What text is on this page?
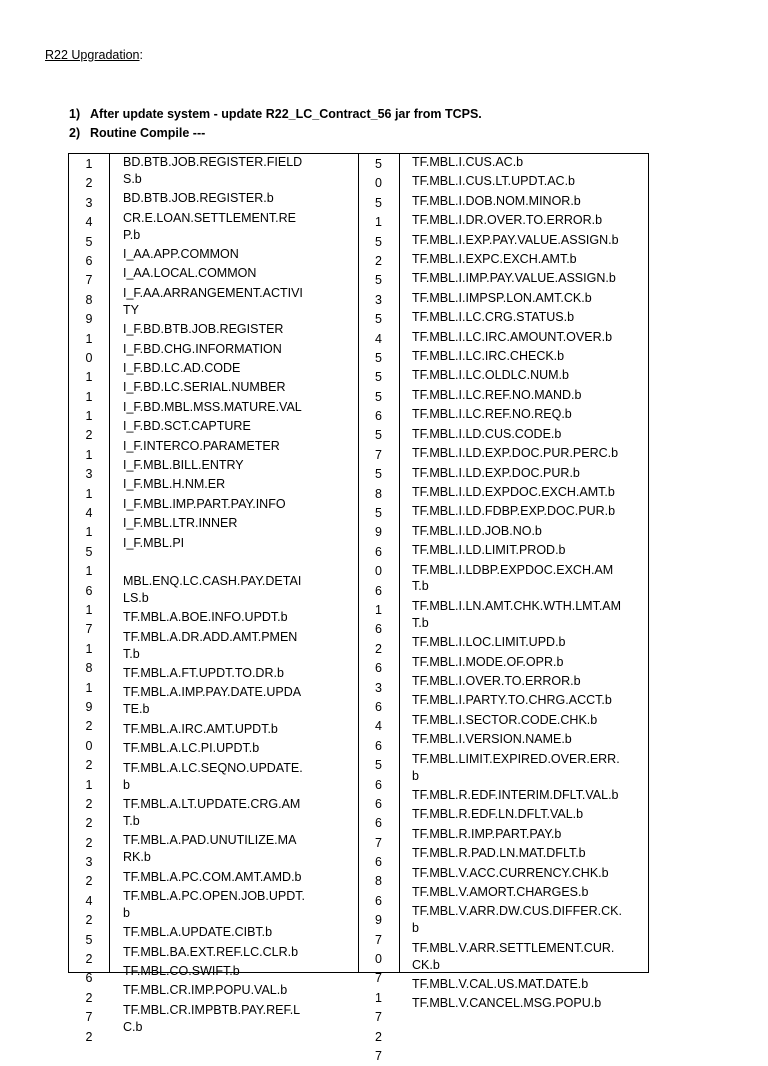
R22 Upgradation:
1) After update system - update R22_LC_Contract_56 jar from TCPS.
2) Routine Compile ---
1
2
3
4
5
6
7
8
9
1
0
1
1
1
2
1
3
1
4
1
5
1
6
1
7
1
8
1
9
2
0
2
1
2
2
2
3
2
4
2
5
2
6
2
7
2
BD.BTB.JOB.REGISTER.FIELDS.b
BD.BTB.JOB.REGISTER.b
CR.E.LOAN.SETTLEMENT.REP.b
I_AA.APP.COMMON
I_AA.LOCAL.COMMON
I_F.AA.ARRANGEMENT.ACTIVITY
I_F.BD.BTB.JOB.REGISTER
I_F.BD.CHG.INFORMATION
I_F.BD.LC.AD.CODE
I_F.BD.LC.SERIAL.NUMBER
I_F.BD.MBL.MSS.MATURE.VAL
I_F.BD.SCT.CAPTURE
I_F.INTERCO.PARAMETER
I_F.MBL.BILL.ENTRY
I_F.MBL.H.NM.ER
I_F.MBL.IMP.PART.PAY.INFO
I_F.MBL.LTR.INNER
I_F.MBL.PI
MBL.ENQ.LC.CASH.PAY.DETAILS.b
TF.MBL.A.BOE.INFO.UPDT.b
TF.MBL.A.DR.ADD.AMT.PMENT.b
TF.MBL.A.FT.UPDT.TO.DR.b
TF.MBL.A.IMP.PAY.DATE.UPDATE.b
TF.MBL.A.IRC.AMT.UPDT.b
TF.MBL.A.LC.PI.UPDT.b
TF.MBL.A.LC.SEQNO.UPDATE.b
TF.MBL.A.LT.UPDATE.CRG.AMT.b
TF.MBL.A.PAD.UNUTILIZE.MARK.b
TF.MBL.A.PC.COM.AMT.AMD.b
TF.MBL.A.PC.OPEN.JOB.UPDT.b
TF.MBL.A.UPDATE.CIBT.b
TF.MBL.BA.EXT.REF.LC.CLR.b
TF.MBL.CO.SWIFT.b
TF.MBL.CR.IMP.POPU.VAL.b
TF.MBL.CR.IMPBTB.PAY.REF.LC.b
5
0
5
1
5
2
5
3
5
4
5
5
5
6
5
7
5
8
5
9
6
0
6
1
6
2
6
3
6
4
6
5
6
6
6
7
6
8
6
9
7
0
7
1
7
2
7
TF.MBL.I.CUS.AC.b
TF.MBL.I.CUS.LT.UPDT.AC.b
TF.MBL.I.DOB.NOM.MINOR.b
TF.MBL.I.DR.OVER.TO.ERROR.b
TF.MBL.I.EXP.PAY.VALUE.ASSIGN.b
TF.MBL.I.EXPC.EXCH.AMT.b
TF.MBL.I.IMP.PAY.VALUE.ASSIGN.b
TF.MBL.I.IMPSP.LON.AMT.CK.b
TF.MBL.I.LC.CRG.STATUS.b
TF.MBL.I.LC.IRC.AMOUNT.OVER.b
TF.MBL.I.LC.IRC.CHECK.b
TF.MBL.I.LC.OLDLC.NUM.b
TF.MBL.I.LC.REF.NO.MAND.b
TF.MBL.I.LC.REF.NO.REQ.b
TF.MBL.I.LD.CUS.CODE.b
TF.MBL.I.LD.EXP.DOC.PUR.PERC.b
TF.MBL.I.LD.EXP.DOC.PUR.b
TF.MBL.I.LD.EXPDOC.EXCH.AMT.b
TF.MBL.I.LD.FDBP.EXP.DOC.PUR.b
TF.MBL.I.LD.JOB.NO.b
TF.MBL.I.LD.LIMIT.PROD.b
TF.MBL.I.LDBP.EXPDOC.EXCH.AMT.b
TF.MBL.I.LN.AMT.CHK.WTH.LMT.AMT.b
TF.MBL.I.LOC.LIMIT.UPD.b
TF.MBL.I.MODE.OF.OPR.b
TF.MBL.I.OVER.TO.ERROR.b
TF.MBL.I.PARTY.TO.CHRG.ACCT.b
TF.MBL.I.SECTOR.CODE.CHK.b
TF.MBL.I.VERSION.NAME.b
TF.MBL.LIMIT.EXPIRED.OVER.ERR.b
TF.MBL.R.EDF.INTERIM.DFLT.VAL.b
TF.MBL.R.EDF.LN.DFLT.VAL.b
TF.MBL.R.IMP.PART.PAY.b
TF.MBL.R.PAD.LN.MAT.DFLT.b
TF.MBL.V.ACC.CURRENCY.CHK.b
TF.MBL.V.AMORT.CHARGES.b
TF.MBL.V.ARR.DW.CUS.DIFFER.CK.b
TF.MBL.V.ARR.SETTLEMENT.CUR.CK.b
TF.MBL.V.CAL.US.MAT.DATE.b
TF.MBL.V.CANCEL.MSG.POPU.b
